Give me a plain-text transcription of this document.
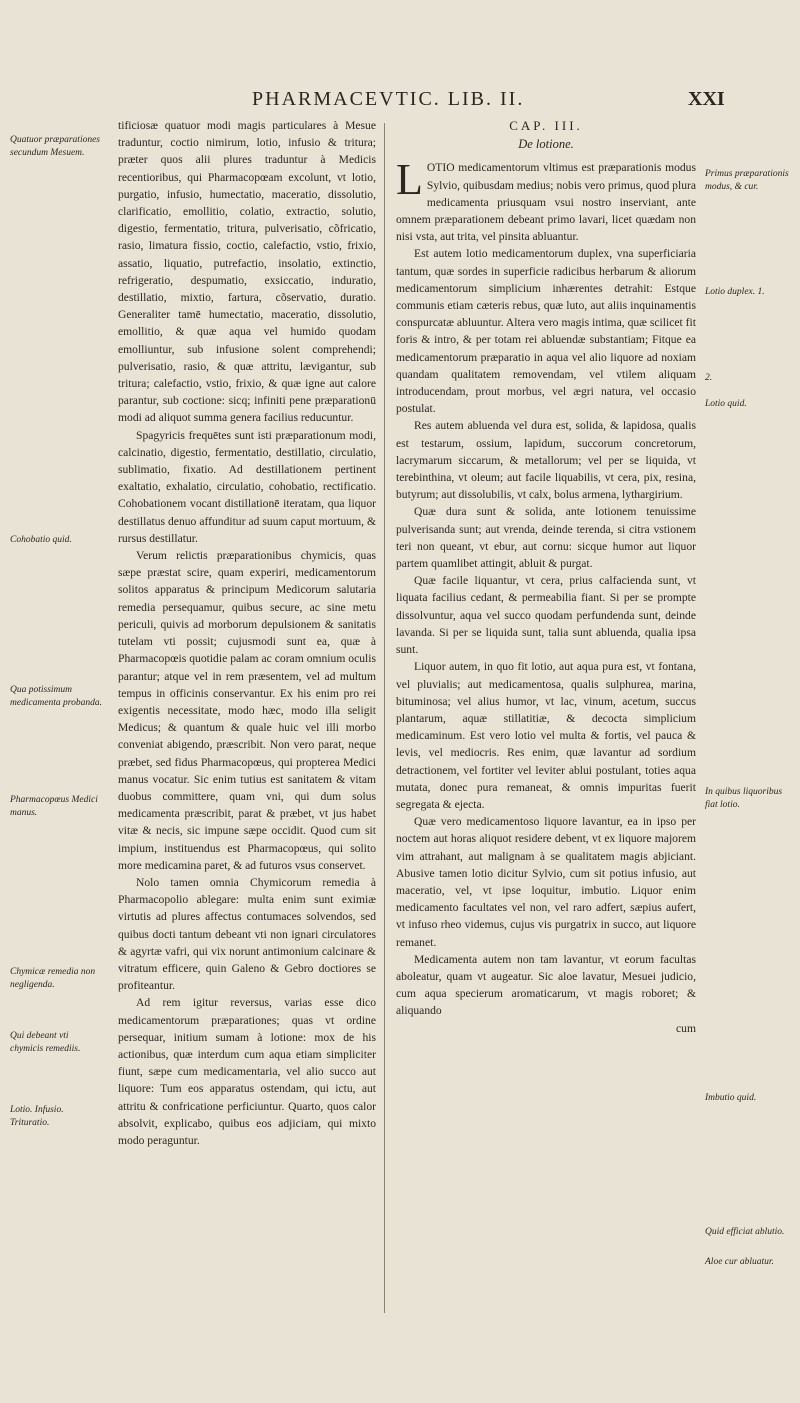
PHARMACEVTIC. LIB. II.	XXI
Quatuor præparationes secundum Mesuem.
Cohobatio quid.
Qua potissimum medicamenta probanda.
Pharmacopœus Medici manus.
Chymicæ remedia non negligenda.
Qui debeant vti chymicis remediis.
Lotio. Infusio. Trituratio.

tificiosæ quatuor modi magis particulares à Mesue traduntur, coctio nimirum, lotio, infusio & tritura; præter quos alii plures traduntur à Medicis recentioribus, qui Pharmacopœam excolunt, vt lotio, purgatio, infusio, humectatio, maceratio, dissolutio, clarificatio, emollitio, colatio, extractio, solutio, digestio, fermentatio, tritura, pulverisatio, cõfricatio, rasio, limatura fissio, coctio, calefactio, vstio, frixio, assatio, liquatio, putrefactio, insolatio, extinctio, refrigeratio, despumatio, exsiccatio, induratio, destillatio, mixtio, fartura, cõservatio, duratio. Generaliter tamē humectatio, maceratio, dissolutio, emollitio, & quæ aqua vel humido quodam emolliuntur, sub infusione solent comprehendi; pulverisatio, rasio, & quæ attritu, lævigantur, sub tritura; calefactio, vstio, frixio, & quæ igne aut calore parantur, sub coctione: sicq; infiniti pene præparationū modi ad aliquot summa genera facilius reducuntur.

Spagyricis frequētes sunt isti præparationum modi, calcinatio, digestio, fermentatio, destillatio, circulatio, sublimatio, fixatio. Ad destillationem pertinent exaltatio, exhalatio, circulatio, cohobatio, rectificatio. Cohobationem vocant distillationē iteratam, qua liquor destillatus denuo affunditur ad suum caput mortuum, & rursus destillatur.

Verum relictis præparationibus chymicis, quas sæpe præstat scire, quam experiri, medicamentorum solitos apparatus & principum Medicorum salutaria remedia persequamur, quibus secure, ac sine metu periculi, quivis ad morborum depulsionem & sanitatis tutelam vti possit; cujusmodi sunt ea, quæ à Pharmacopœis quotidie palam ac coram omnium oculis parantur; atque vel in rem præsentem, vel ad multum tempus in officinis conservantur. Ex his enim pro rei exigentis necessitate, modo hæc, modo illa seligit Medicus; & quantum & quale huic vel illi morbo conveniat abigendo, præscribit. Non vero parat, neque præbet, sed fidus Pharmacopœus, qui propterea Medici manus vocatur. Sic enim tutius est sanitatem & vitam duobus committere, quam vni, qui dum solus medicamenta præscribit, parat & præbet, vt jus habet vitæ & necis, sic impune sæpe occidit. Quod cum sit impium, instituendus est Pharmacopœus, qui solito more medicamina paret, & ad futuros vsus conservet.

Nolo tamen omnia Chymicorum remedia à Pharmacopolio ablegare: multa enim sunt eximiæ virtutis ad plures affectus contumaces solvendos, sed quibus docti tantum debeant vti non ignari circulatores & agyrtæ vafri, qui vix norunt antimonium calcinare & vitratum efficere, quin Galeno & Gebro doctiores se profiteantur.

Ad rem igitur reversus, varias esse dico medicamentorum præparationes; quas vt ordine persequar, initium sumam à lotione: mox de his actionibus, quæ interdum cum aqua etiam simpliciter fiunt, sæpe cum medicamentaria, vel alio succo aut liquore: Tum eos apparatus ostendam, qui ictu, aut attritu & confricatione perficiuntur. Quarto, quos calor absolvit, explicabo, quibus eos adjiciam, qui mixto modo peraguntur.

CAP. III.
De lotione.
L OTIO medicamentorum vltimus est præparationis modus Sylvio, quibusdam medius; nobis vero primus, quod plura medicamenta priusquam vsui nostro inserviant, ante omnem præparationem debeant primo lavari, licet quædam non nisi vsta, aut trita, vel pinsita abluantur.

Est autem lotio medicamentorum duplex, vna superficiaria tantum, quæ sordes in superficie radicibus herbarum & aliorum medicamentorum simplicium inhærentes detrahit: Estque communis etiam cæteris rebus, quæ luto, aut aliis inquinamentis conspurcatæ abluuntur. Altera vero magis intima, quæ scilicet fit foris & intro, & per totam rei abluendæ substantiam; Fitque ea medicamentorum præparatio in aqua vel alio liquore ad noxiam quandam qualitatem removendam, vel vtilem aliquam introducendam, prout morbus, vel ægri natura, vel occasio postulat.

Res autem abluenda vel dura est, solida, & lapidosa, qualis est testarum, ossium, lapidum, succorum concretorum, lacrymarum siccarum, & metallorum; vel per se liquida, vt terebinthina, vt oleum; aut facile liquabilis, vt cera, pix, resina, butyrum; aut dissolubilis, vt calx, bolus armena, lythargirium.

Quæ dura sunt & solida, ante lotionem tenuissime pulverisanda sunt; aut vrenda, deinde terenda, si citra vstionem teri non queant, vt ebur, aut cornu: sicque humor aut liquor partem quamlibet attingit, abluit & purgat.

Quæ facile liquantur, vt cera, prius calfacienda sunt, vt liquata facilius cedant, & permeabilia fiant. Si per se prompte dissolvuntur, aqua vel succo quodam perfundenda sunt, deinde lavanda. Si per se liquida sunt, talia sunt abluenda, qualia ipsa sunt.

Liquor autem, in quo fit lotio, aut aqua pura est, vt fontana, vel pluvialis; aut medicamentosa, qualis sulphurea, marina, bituminosa; vel alius humor, vt lac, vinum, acetum, succus plantarum, aquæ stillatitiæ, & decocta simplicium medicaminum. Est vero lotio vel multa & fortis, vel pauca & levis, vel mediocris. Res enim, quæ lavantur ad sordium detractionem, vel fortiter vel leviter ablui postulant, toties aqua mutata, donec pura remaneat, & omnis impuritas fuerit segregata & ejecta.

Quæ vero medicamentoso liquore lavantur, ea in ipso per noctem aut horas aliquot residere debent, vt ex liquore majorem vim attrahant, aut malignam à se qualitatem magis abjiciant. Abusive tamen lotio dicitur Sylvio, cum sit potius infusio, aut maceratio, vel, vt ipse loquitur, imbutio. Liquor enim medicamento facultates vel non, vel raro adfert, sæpius aufert, vt infuso rheo videmus, cujus vis purgatrix in succo, aut liquore remanet.

Medicamenta autem non tam lavantur, vt eorum facultas aboleatur, quam vt augeatur. Sic aloe lavatur, Mesuei judicio, cum aqua specierum aromaticarum, vt magis roboret; & aliquando

cum

Primus præparationis modus, & cur.
Lotio duplex. 1.
2.
Lotio quid.
In quibus liquoribus fiat lotio.
Imbutio quid.
Quid efficiat ablutio.
Aloe cur abluatur.
